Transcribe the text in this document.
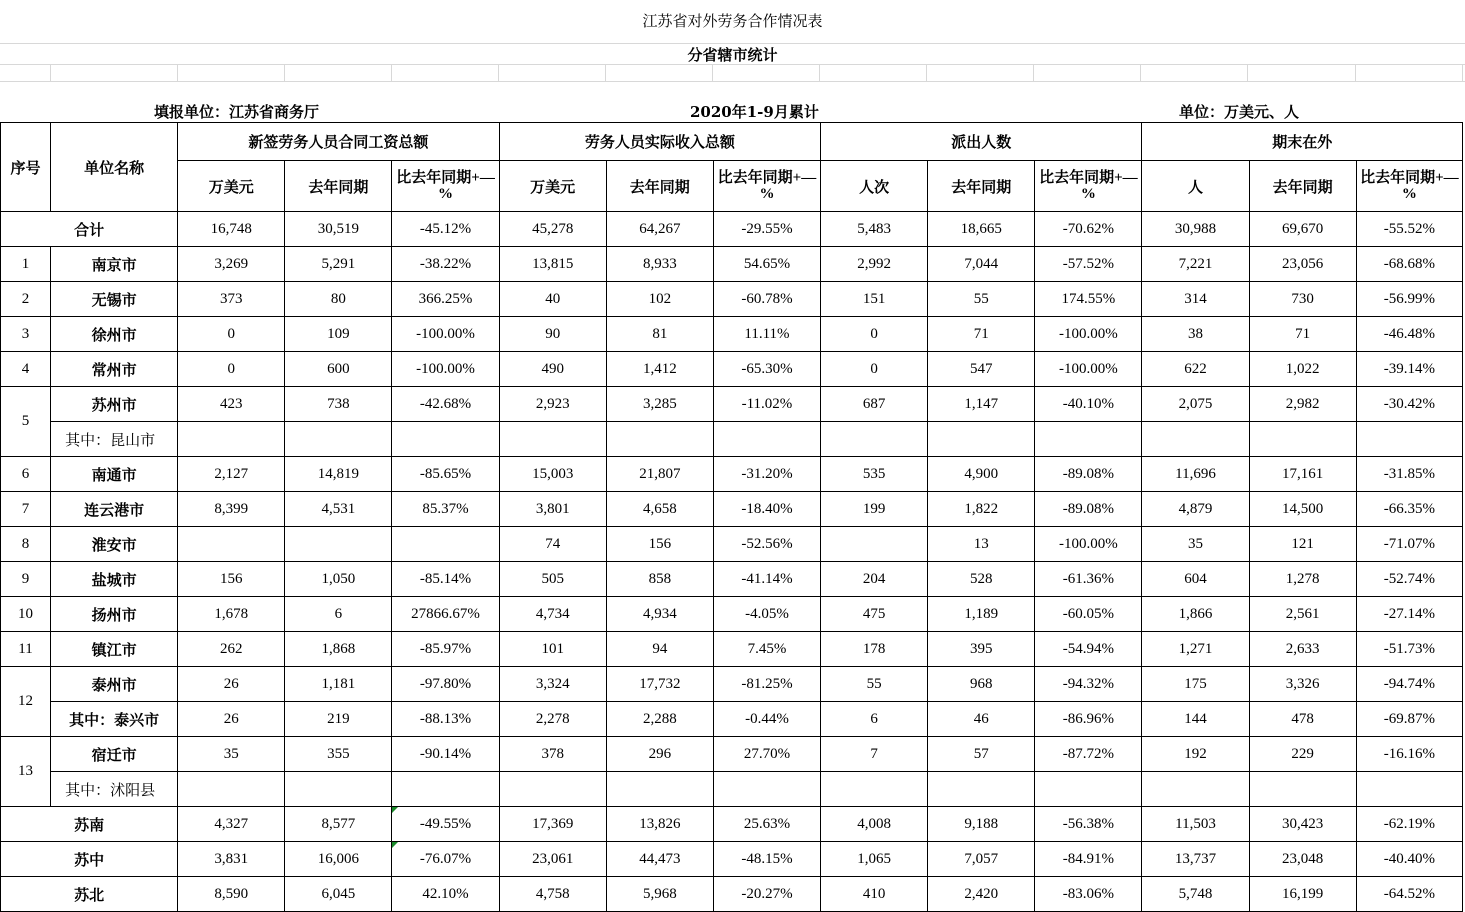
江苏省对外劳务合作情况表
分省辖市统计
填报单位：江苏省商务厅	2020年1-9月累计	单位：万美元、人
序号	单位名称	新签劳务人员合同工资总额			劳务人员实际收入总额			派出人数			期末在外		
		万美元	去年同期	比去年同期+—%	万美元	去年同期	比去年同期+—%	人次	去年同期	比去年同期+—%	人	去年同期	比去年同期+—%
合计		16,748	30,519	-45.12%	45,278	64,267	-29.55%	5,483	18,665	-70.62%	30,988	69,670	-55.52%
1	南京市	3,269	5,291	-38.22%	13,815	8,933	54.65%	2,992	7,044	-57.52%	7,221	23,056	-68.68%
2	无锡市	373	80	366.25%	40	102	-60.78%	151	55	174.55%	314	730	-56.99%
3	徐州市	0	109	-100.00%	90	81	11.11%	0	71	-100.00%	38	71	-46.48%
4	常州市	0	600	-100.00%	490	1,412	-65.30%	0	547	-100.00%	622	1,022	-39.14%
5	苏州市	423	738	-42.68%	2,923	3,285	-11.02%	687	1,147	-40.10%	2,075	2,982	-30.42%
	其中：昆山市												
6	南通市	2,127	14,819	-85.65%	15,003	21,807	-31.20%	535	4,900	-89.08%	11,696	17,161	-31.85%
7	连云港市	8,399	4,531	85.37%	3,801	4,658	-18.40%	199	1,822	-89.08%	4,879	14,500	-66.35%
8	淮安市				74	156	-52.56%		13	-100.00%	35	121	-71.07%
9	盐城市	156	1,050	-85.14%	505	858	-41.14%	204	528	-61.36%	604	1,278	-52.74%
10	扬州市	1,678	6	27866.67%	4,734	4,934	-4.05%	475	1,189	-60.05%	1,866	2,561	-27.14%
11	镇江市	262	1,868	-85.97%	101	94	7.45%	178	395	-54.94%	1,271	2,633	-51.73%
12	泰州市	26	1,181	-97.80%	3,324	17,732	-81.25%	55	968	-94.32%	175	3,326	-94.74%
	其中：泰兴市	26	219	-88.13%	2,278	2,288	-0.44%	6	46	-86.96%	144	478	-69.87%
13	宿迁市	35	355	-90.14%	378	296	27.70%	7	57	-87.72%	192	229	-16.16%
	其中：沭阳县												
苏南		4,327	8,577	-49.55%	17,369	13,826	25.63%	4,008	9,188	-56.38%	11,503	30,423	-62.19%
苏中		3,831	16,006	-76.07%	23,061	44,473	-48.15%	1,065	7,057	-84.91%	13,737	23,048	-40.40%
苏北		8,590	6,045	42.10%	4,758	5,968	-20.27%	410	2,420	-83.06%	5,748	16,199	-64.52%
